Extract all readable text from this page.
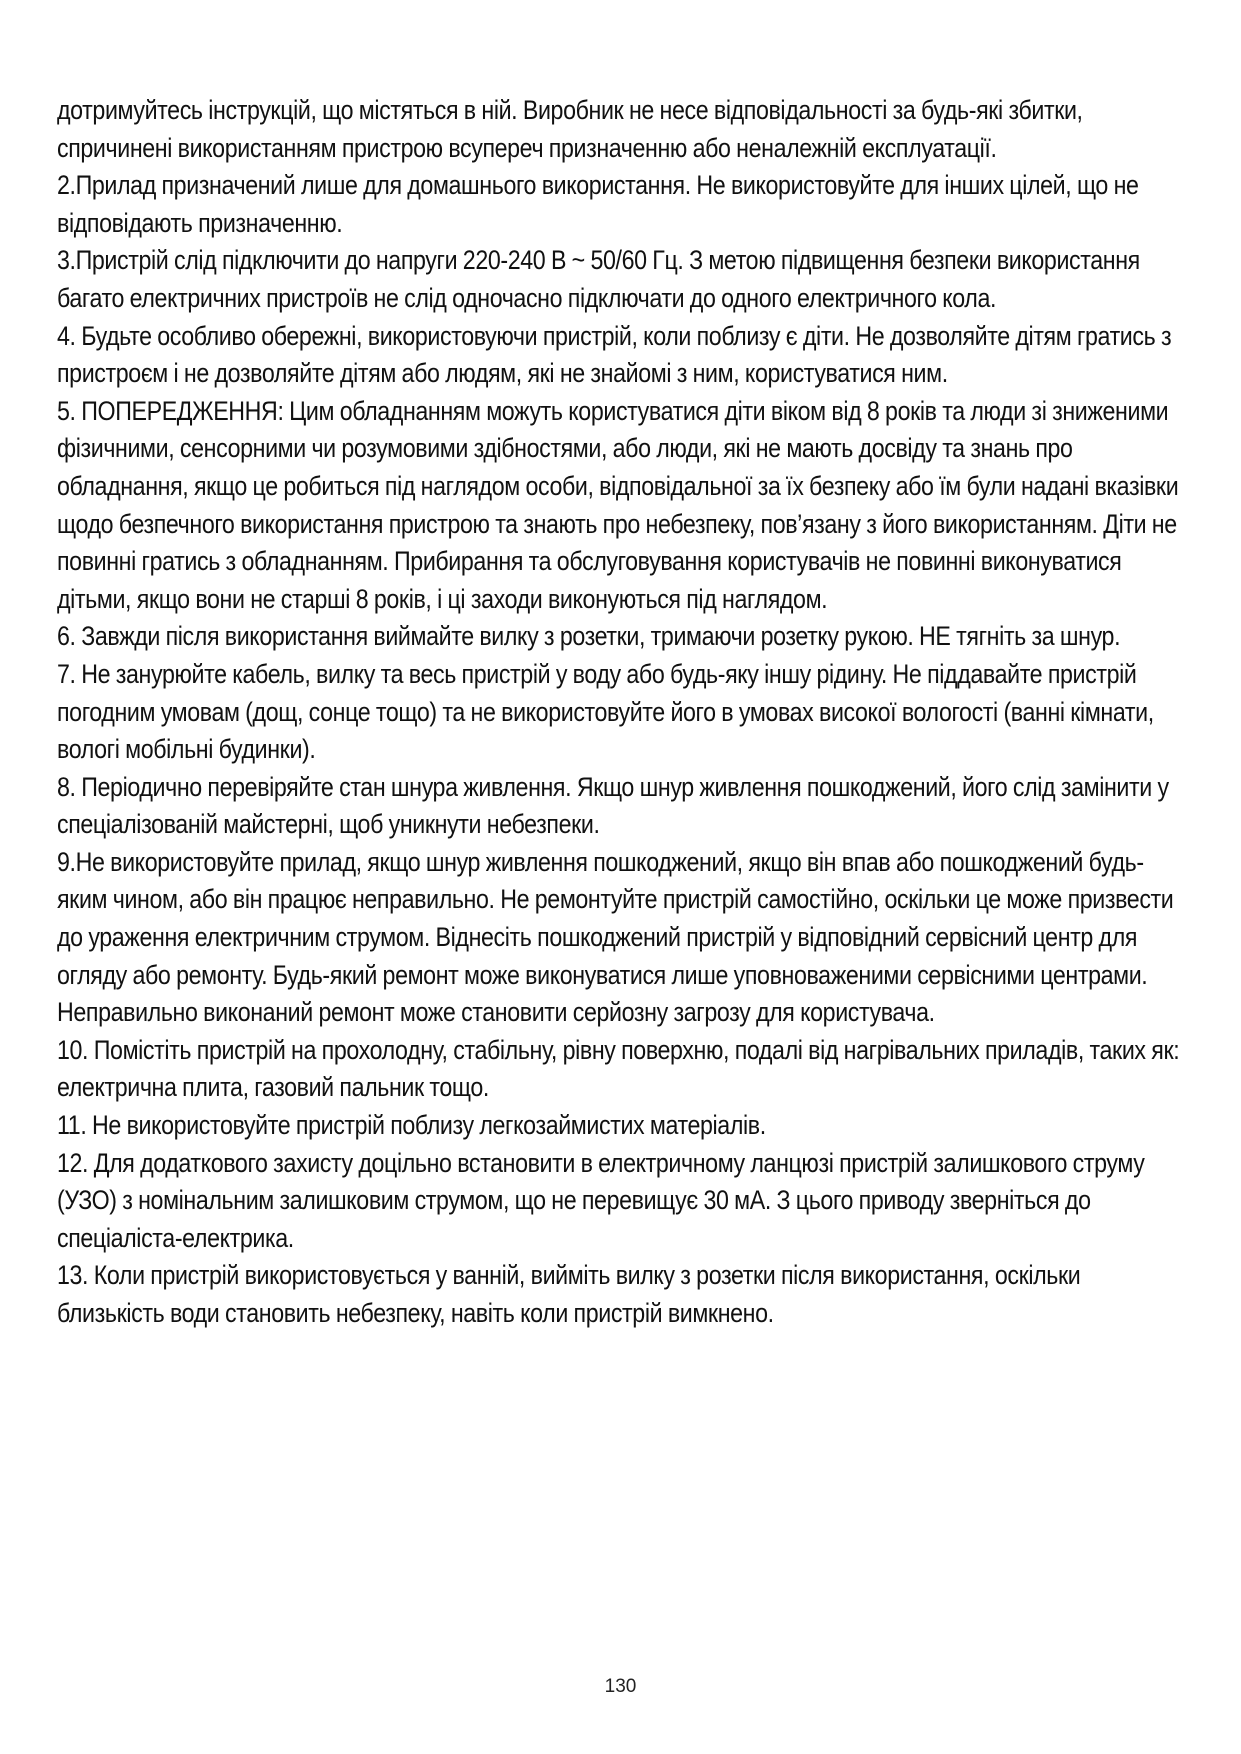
дотримуйтесь інструкцій, що містяться в ній. Виробник не несе відповідальності за будь-які збитки, спричинені використанням пристрою всупереч призначенню або неналежній експлуатації.

2.Прилад призначений лише для домашнього використання. Не використовуйте для інших цілей, що не відповідають призначенню.

3.Пристрій слід підключити до напруги 220-240 В ~ 50/60 Гц. З метою підвищення безпеки використання багато електричних пристроїв не слід одночасно підключати до одного електричного кола.

4. Будьте особливо обережні, використовуючи пристрій, коли поблизу є діти. Не дозволяйте дітям гратись з пристроєм і не дозволяйте дітям або людям, які не знайомі з ним, користуватися ним.

5. ПОПЕРЕДЖЕННЯ: Цим обладнанням можуть користуватися діти віком від 8 років та люди зі зниженими фізичними, сенсорними чи розумовими здібностями, або люди, які не мають досвіду та знань про обладнання, якщо це робиться під наглядом особи, відповідальної за їх безпеку або їм були надані вказівки щодо безпечного використання пристрою та знають про небезпеку, пов’язану з його використанням. Діти не повинні гратись з обладнанням. Прибирання та обслуговування користувачів не повинні виконуватися дітьми, якщо вони не старші 8 років, і ці заходи виконуються під наглядом.

6. Завжди після використання виймайте вилку з розетки, тримаючи розетку рукою. НЕ тягніть за шнур.

7. Не занурюйте кабель, вилку та весь пристрій у воду або будь-яку іншу рідину. Не піддавайте пристрій погодним умовам (дощ, сонце тощо) та не використовуйте його в умовах високої вологості (ванні кімнати, вологі мобільні будинки).

8. Періодично перевіряйте стан шнура живлення. Якщо шнур живлення пошкоджений, його слід замінити у спеціалізованій майстерні, щоб уникнути небезпеки.

9.Не використовуйте прилад, якщо шнур живлення пошкоджений, якщо він впав або пошкоджений будь-яким чином, або він працює неправильно. Не ремонтуйте пристрій самостійно, оскільки це може призвести до ураження електричним струмом. Віднесіть пошкоджений пристрій у відповідний сервісний центр для огляду або ремонту. Будь-який ремонт може виконуватися лише уповноваженими сервісними центрами. Неправильно виконаний ремонт може становити серйозну загрозу для користувача.

10. Помістіть пристрій на прохолодну, стабільну, рівну поверхню, подалі від нагрівальних приладів, таких як: електрична плита, газовий пальник тощо.

11. Не використовуйте пристрій поблизу легкозаймистих матеріалів.

12. Для додаткового захисту доцільно встановити в електричному ланцюзі пристрій залишкового струму (УЗО) з номінальним залишковим струмом, що не перевищує 30 мА. З цього приводу зверніться до спеціаліста-електрика.

13. Коли пристрій використовується у ванній, вийміть вилку з розетки після використання, оскільки близькість води становить небезпеку, навіть коли пристрій вимкнено.

130
